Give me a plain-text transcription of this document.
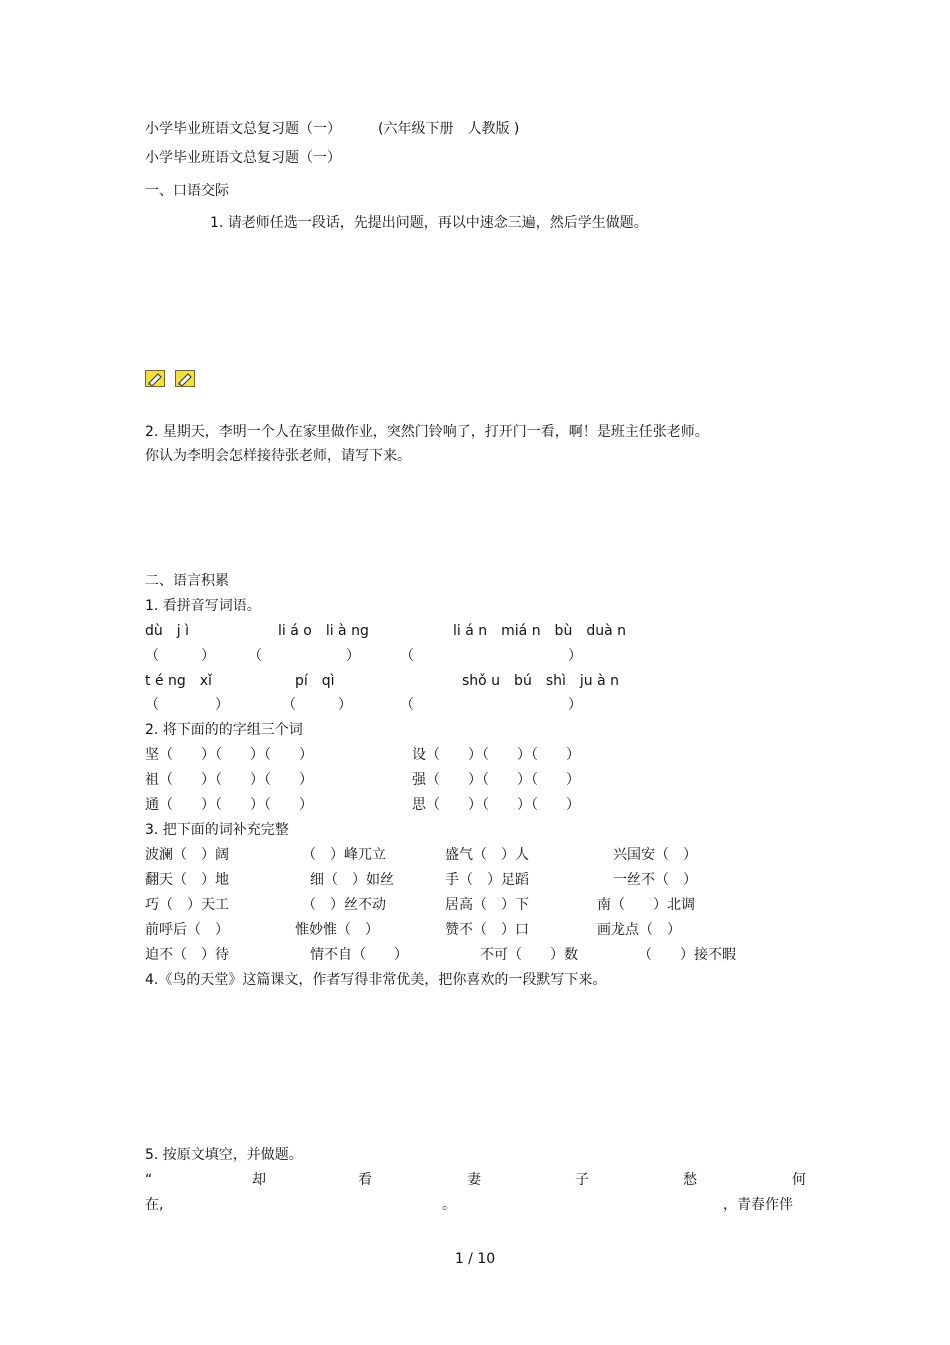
小学毕业班语文总复习题（一）	(六年级下册　人教版 )
小学毕业班语文总复习题（一）
一、口语交际
1. 请老师任选一段话，先提出问题，再以中速念三遍，然后学生做题。
2. 星期天，李明一个人在家里做作业，突然门铃响了，打开门一看，啊！是班主任张老师。
你认为李明会怎样接待张老师，请写下来。
二、语言积累
1. 看拼音写词语。
dù　j ì	li á o　li à ng	li á n　miá n　bù　duà n
（　　　） （　　　　　　）	（　　　　　　　　　　　）
t é ng　xǐ	pí　qì	shǒ u　bú　shì　ju à n
（　　　　）	（　　　）	（　　　　　　　　　　　）
2. 将下面的的字组三个词
坚（　　）（　　）（　　）	设（　　）（　　）（　　）
祖（　　）（　　）（　　）	强（　　）（　　）（　　）
通（　　）（　　）（　　）	思（　　）（　　）（　　）
3. 把下面的词补充完整
波澜（　）阔	（　）峰兀立	盛气（　）人	兴国安（　）
翻天（　）地	细（　）如丝	手（　）足蹈	一丝不（　）
巧（　）天工	（　）丝不动	居高（　）下	南（　　）北调
前呼后（　）	惟妙惟（　）	赞不（　）口	画龙点（　）
迫不（　）待	情不自（　　）	不可（　　）数	（　　）接不暇
4.《鸟的天堂》这篇课文，作者写得非常优美，把你喜欢的一段默写下来。
5. 按原文填空，并做题。
“	却	看	妻	子	愁	何
在,	。	，青春作伴
1 / 10
